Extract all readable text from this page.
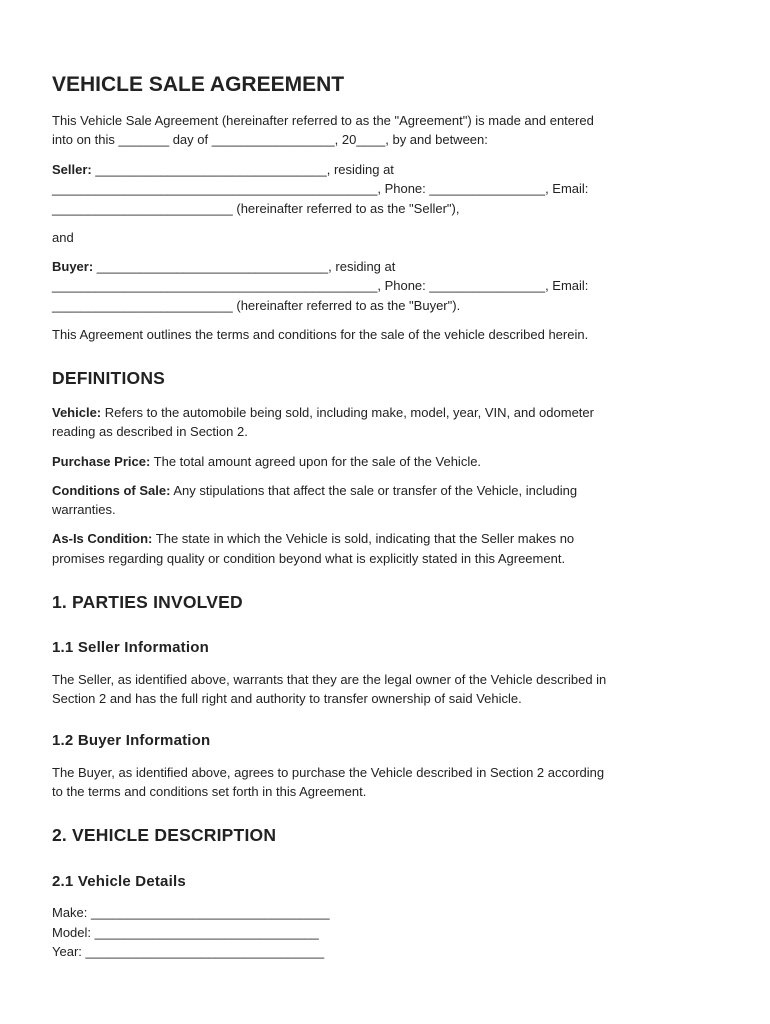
VEHICLE SALE AGREEMENT

This Vehicle Sale Agreement (hereinafter referred to as the "Agreement") is made and entered

into on this _______ day of _________________, 20____, by and between:

Seller: ________________________________, residing at

_____________________________________________, Phone: ________________, Email:

_________________________ (hereinafter referred to as the "Seller"),

and

Buyer: ________________________________, residing at

_____________________________________________, Phone: ________________, Email:

_________________________ (hereinafter referred to as the "Buyer").

This Agreement outlines the terms and conditions for the sale of the vehicle described herein.

DEFINITIONS

Vehicle: Refers to the automobile being sold, including make, model, year, VIN, and odometer

reading as described in Section 2.

Purchase Price: The total amount agreed upon for the sale of the Vehicle.

Conditions of Sale: Any stipulations that affect the sale or transfer of the Vehicle, including

warranties.

As-Is Condition: The state in which the Vehicle is sold, indicating that the Seller makes no

promises regarding quality or condition beyond what is explicitly stated in this Agreement.

1. PARTIES INVOLVED
1.1 Seller Information

The Seller, as identified above, warrants that they are the legal owner of the Vehicle described in

Section 2 and has the full right and authority to transfer ownership of said Vehicle.

1.2 Buyer Information

The Buyer, as identified above, agrees to purchase the Vehicle described in Section 2 according

to the terms and conditions set forth in this Agreement.

2. VEHICLE DESCRIPTION
2.1 Vehicle Details

Make: _________________________________

Model: _______________________________

Year: _________________________________
